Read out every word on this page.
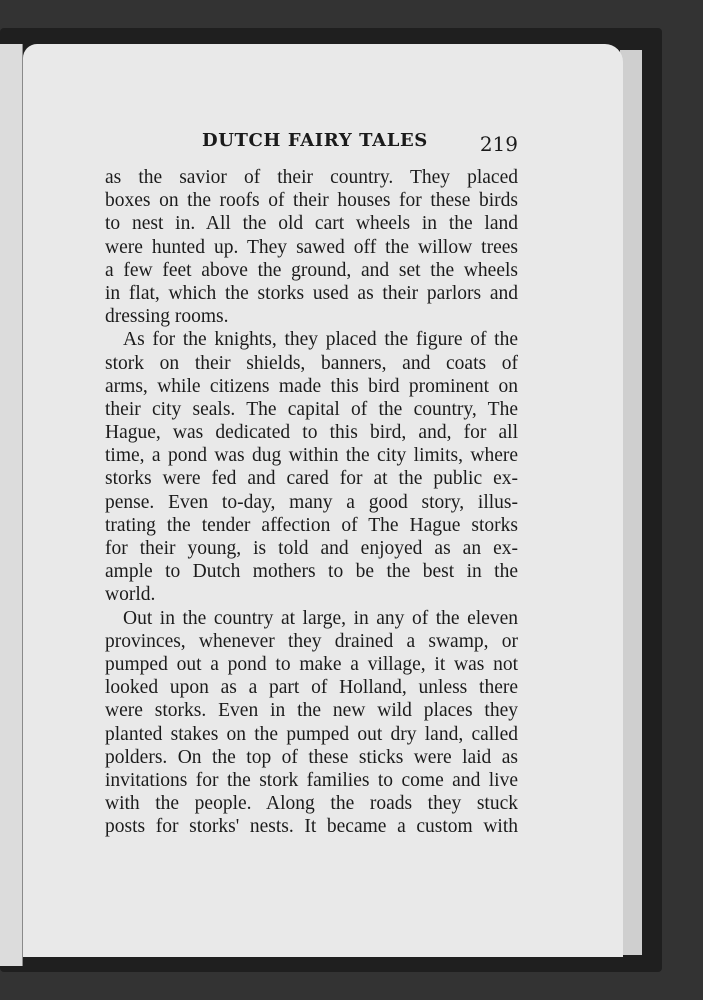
DUTCH FAIRY TALES	219
as the savior of their country. They placed
boxes on the roofs of their houses for these birds
to nest in. All the old cart wheels in the land
were hunted up. They sawed off the willow trees
a few feet above the ground, and set the wheels
in flat, which the storks used as their parlors and
dressing rooms.
As for the knights, they placed the figure of the
stork on their shields, banners, and coats of
arms, while citizens made this bird prominent on
their city seals. The capital of the country, The
Hague, was dedicated to this bird, and, for all
time, a pond was dug within the city limits, where
storks were fed and cared for at the public ex-
pense. Even to-day, many a good story, illus-
trating the tender affection of The Hague storks
for their young, is told and enjoyed as an ex-
ample to Dutch mothers to be the best in the
world.
Out in the country at large, in any of the eleven
provinces, whenever they drained a swamp, or
pumped out a pond to make a village, it was not
looked upon as a part of Holland, unless there
were storks. Even in the new wild places they
planted stakes on the pumped out dry land, called
polders. On the top of these sticks were laid as
invitations for the stork families to come and live
with the people. Along the roads they stuck
posts for storks' nests. It became a custom with
